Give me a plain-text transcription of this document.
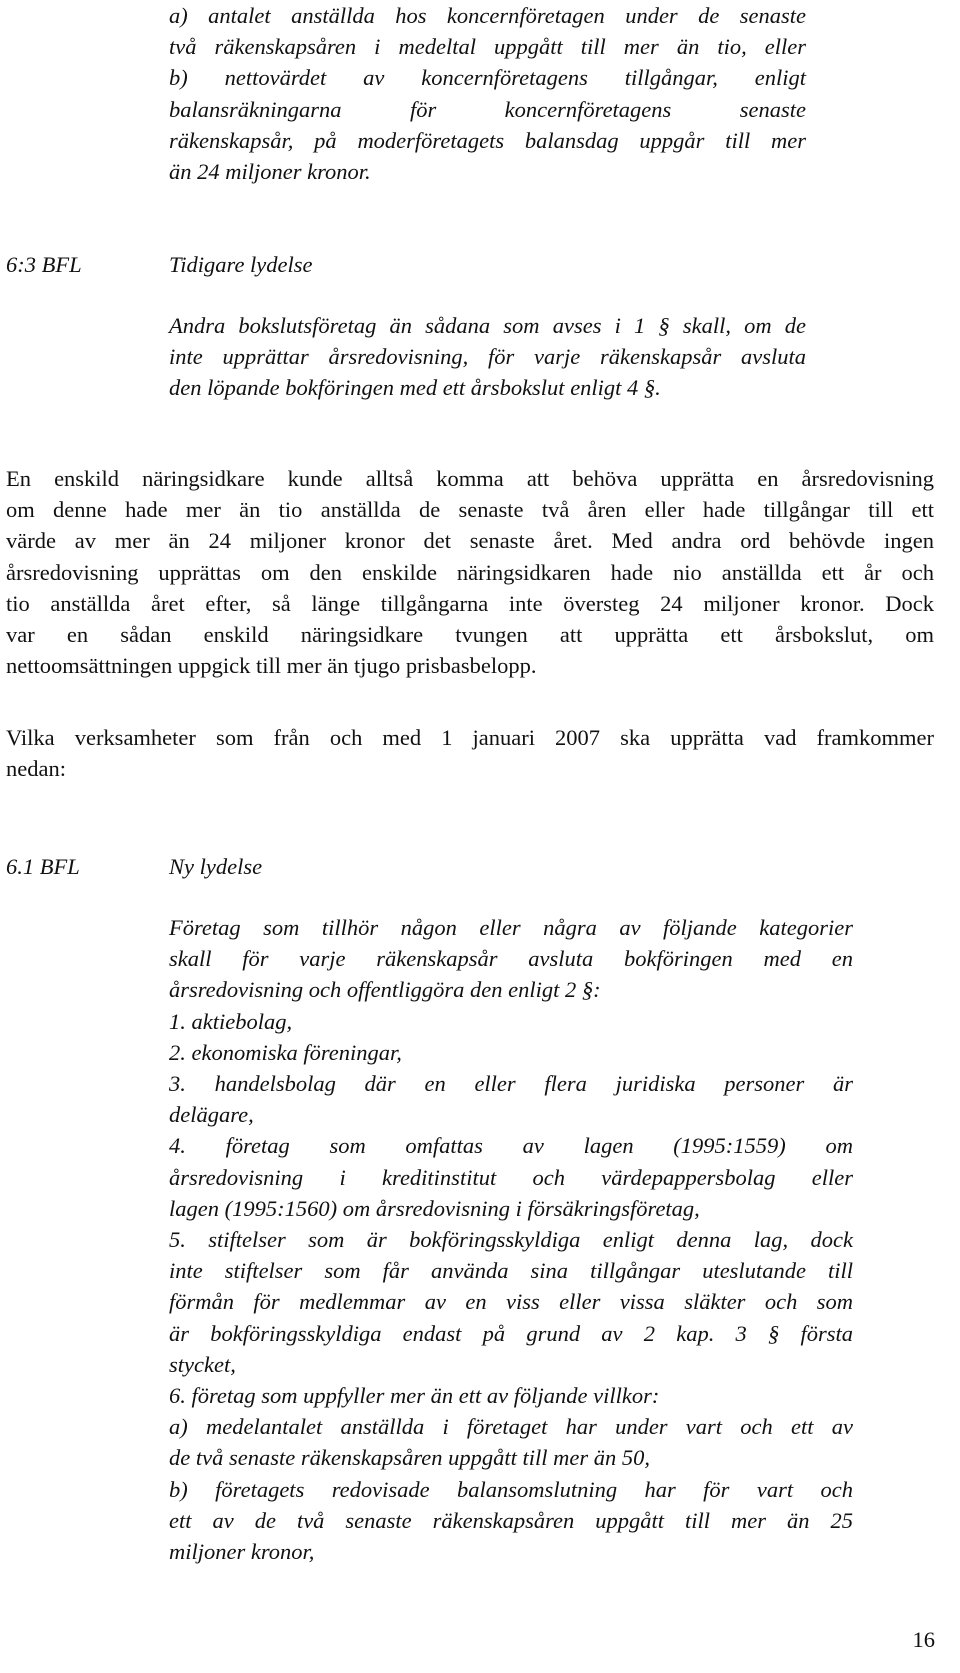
a) antalet anställda hos koncernföretagen under de senaste
två räkenskapsåren i medeltal uppgått till mer än tio, eller
b) nettovärdet av koncernföretagens tillgångar, enligt
balansräkningarna för koncernföretagens senaste
räkenskapsår, på moderföretagets balansdag uppgår till mer
än 24 miljoner kronor.
6:3 BFL	Tidigare lydelse
Andra bokslutsföretag än sådana som avses i 1 § skall, om de
inte upprättar årsredovisning, för varje räkenskapsår avsluta
den löpande bokföringen med ett årsbokslut enligt 4 §.
En enskild näringsidkare kunde alltså komma att behöva upprätta en årsredovisning
om denne hade mer än tio anställda de senaste två åren eller hade tillgångar till ett
värde av mer än 24 miljoner kronor det senaste året. Med andra ord behövde ingen
årsredovisning upprättas om den enskilde näringsidkaren hade nio anställda ett år och
tio anställda året efter, så länge tillgångarna inte översteg 24 miljoner kronor. Dock
var en sådan enskild näringsidkare tvungen att upprätta ett årsbokslut, om
nettoomsättningen uppgick till mer än tjugo prisbasbelopp.
Vilka verksamheter som från och med 1 januari 2007 ska upprätta vad framkommer
nedan:
6.1 BFL	Ny lydelse
Företag som tillhör någon eller några av följande kategorier
skall för varje räkenskapsår avsluta bokföringen med en
årsredovisning och offentliggöra den enligt 2 §:
1. aktiebolag,
2. ekonomiska föreningar,
3. handelsbolag där en eller flera juridiska personer är
delägare,
4. företag som omfattas av lagen (1995:1559) om
årsredovisning i kreditinstitut och värdepappersbolag eller
lagen (1995:1560) om årsredovisning i försäkringsföretag,
5. stiftelser som är bokföringsskyldiga enligt denna lag, dock
inte stiftelser som får använda sina tillgångar uteslutande till
förmån för medlemmar av en viss eller vissa släkter och som
är bokföringsskyldiga endast på grund av 2 kap. 3 § första
stycket,
6. företag som uppfyller mer än ett av följande villkor:
a) medelantalet anställda i företaget har under vart och ett av
de två senaste räkenskapsåren uppgått till mer än 50,
b) företagets redovisade balansomslutning har för vart och
ett av de två senaste räkenskapsåren uppgått till mer än 25
miljoner kronor,
16
